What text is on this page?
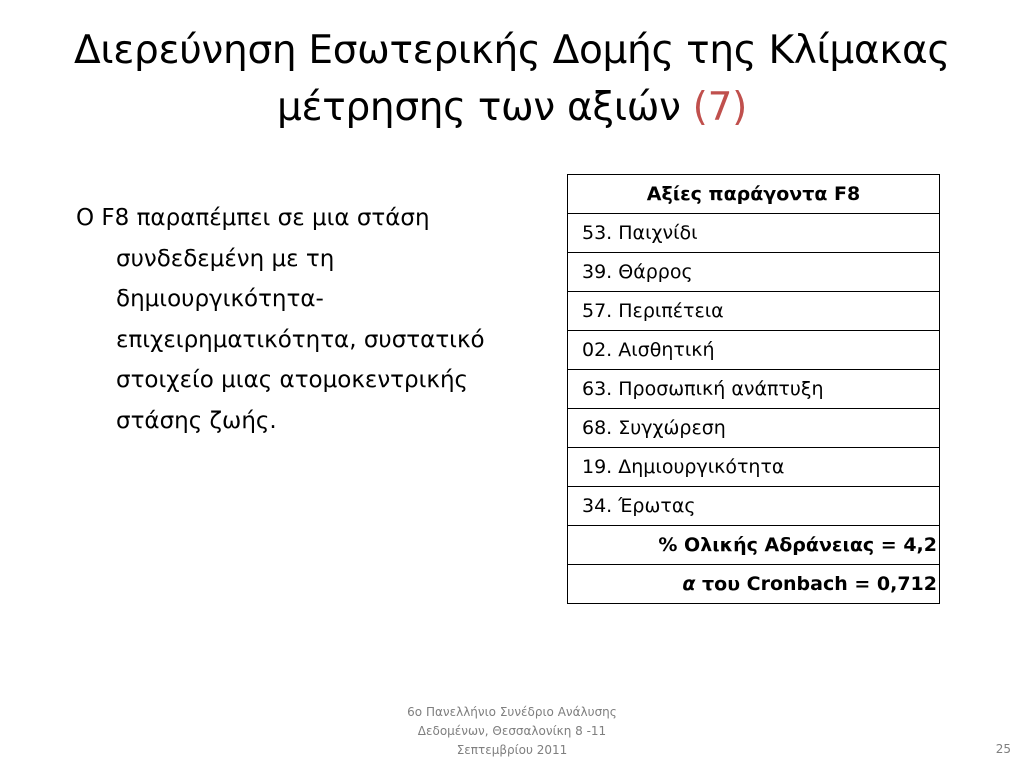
Διερεύνηση Εσωτερικής Δομής της Κλίμακας
μέτρησης των αξιών (7)
Ο F8 παραπέμπει σε μια στάση συνδεδεμένη με τη δημιουργικότητα-επιχειρηματικότητα, συστατικό στοιχείο μιας ατομοκεντρικής στάσης ζωής.
Αξίες παράγοντα F8
53. Παιχνίδι
39. Θάρρος
57. Περιπέτεια
02. Αισθητική
63. Προσωπική ανάπτυξη
68. Συγχώρεση
19. Δημιουργικότητα
34. Έρωτας
% Ολικής Αδράνειας = 4,2
α του Cronbach = 0,712
6ο Πανελλήνιο Συνέδριο Ανάλυσης
Δεδομένων, Θεσσαλονίκη 8 -11
Σεπτεμβρίου 2011	25
